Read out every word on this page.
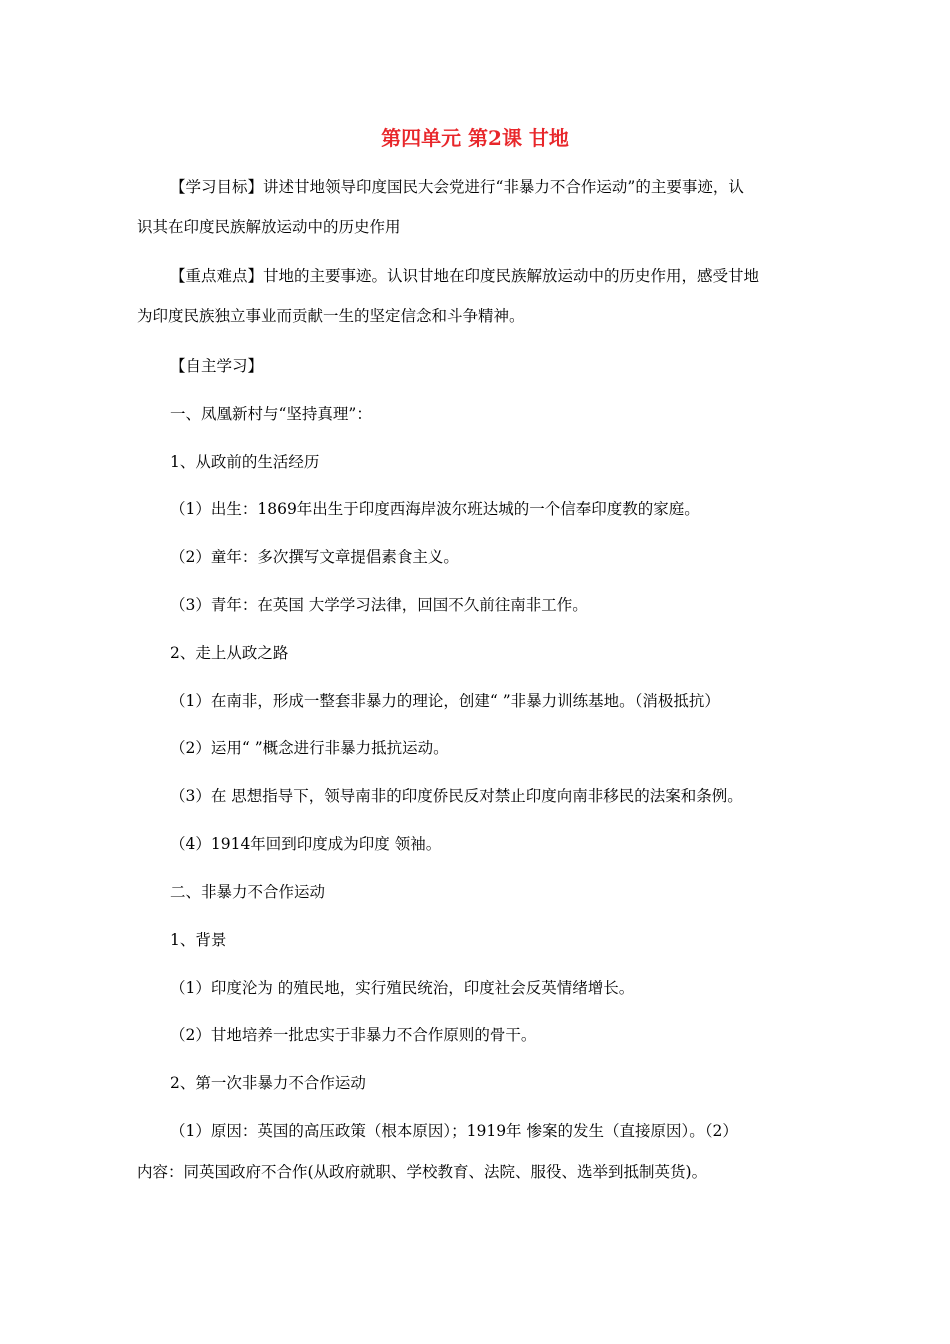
第四单元 第2课 甘地
【学习目标】讲述甘地领导印度国民大会党进行“非暴力不合作运动”的主要事迹，认
识其在印度民族解放运动中的历史作用
【重点难点】甘地的主要事迹。认识甘地在印度民族解放运动中的历史作用，感受甘地
为印度民族独立事业而贡献一生的坚定信念和斗争精神。
【自主学习】
一、凤凰新村与“坚持真理”：
1、从政前的生活经历
（1）出生：1869年出生于印度西海岸波尔班达城的一个信奉印度教的家庭。
（2）童年：多次撰写文章提倡素食主义。
（3）青年：在英国 大学学习法律，回国不久前往南非工作。
2、走上从政之路
（1）在南非，形成一整套非暴力的理论，创建“ ”非暴力训练基地。（消极抵抗）
（2）运用“ ”概念进行非暴力抵抗运动。
（3）在 思想指导下，领导南非的印度侨民反对禁止印度向南非移民的法案和条例。
（4）1914年回到印度成为印度 领袖。
二、非暴力不合作运动
1、背景
（1）印度沦为 的殖民地，实行殖民统治，印度社会反英情绪增长。
（2）甘地培养一批忠实于非暴力不合作原则的骨干。
2、第一次非暴力不合作运动
（1）原因：英国的高压政策（根本原因）；1919年 惨案的发生（直接原因）。（2）
内容：同英国政府不合作(从政府就职、学校教育、法院、服役、选举到抵制英货)。
